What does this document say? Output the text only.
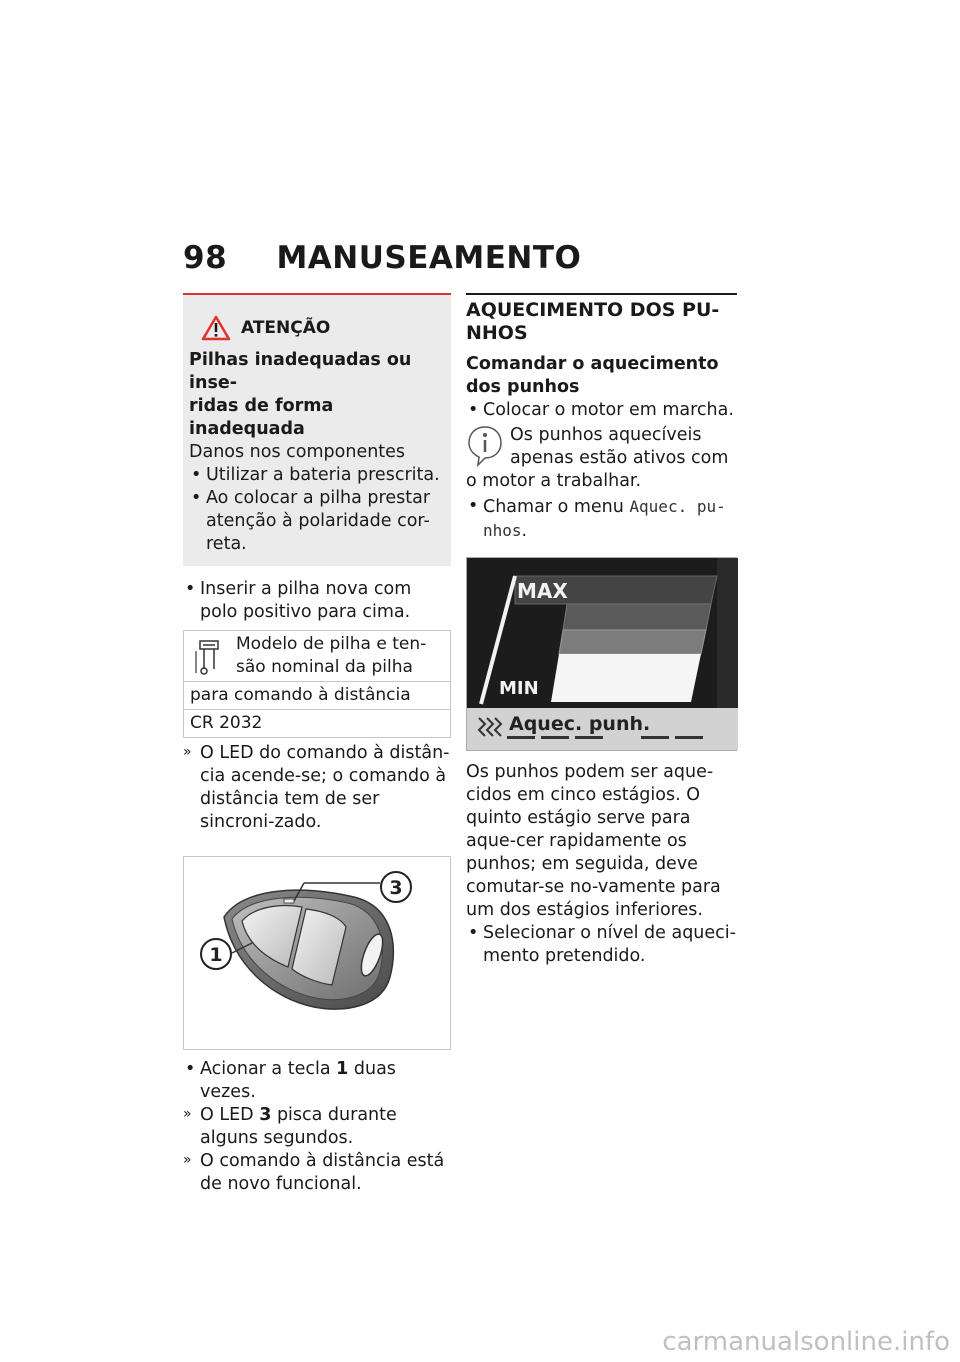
98 MANUSEAMENTO
ATENÇÃO
Pilhas inadequadas ou inse-
ridas de forma inadequada
Danos nos componentes
• Utilizar a bateria prescrita.
• Ao colocar a pilha prestar atenção à polaridade cor-reta.
• Inserir a pilha nova com polo positivo para cima.
Modelo de pilha e ten-são nominal da pilha

para comando à distância
CR 2032
» O LED do comando à distân-cia acende-se; o comando à distância tem de ser sincroni-zado.
3
1
• Acionar a tecla 1 duas vezes.
» O LED 3 pisca durante alguns segundos.
» O comando à distância está de novo funcional.
AQUECIMENTO DOS PU-NHOS
Comandar o aquecimento dos punhos
• Colocar o motor em marcha.
Os punhos aquecíveis apenas estão ativos com o motor a trabalhar.
• Chamar o menu Aquec. pu-nhos.
MAX
MIN
Aquec. punh.
Os punhos podem ser aque-cidos em cinco estágios. O quinto estágio serve para aque-cer rapidamente os punhos; em seguida, deve comutar-se no-vamente para um dos estágios inferiores.
• Selecionar o nível de aqueci-mento pretendido.
carmanualsonline.info
